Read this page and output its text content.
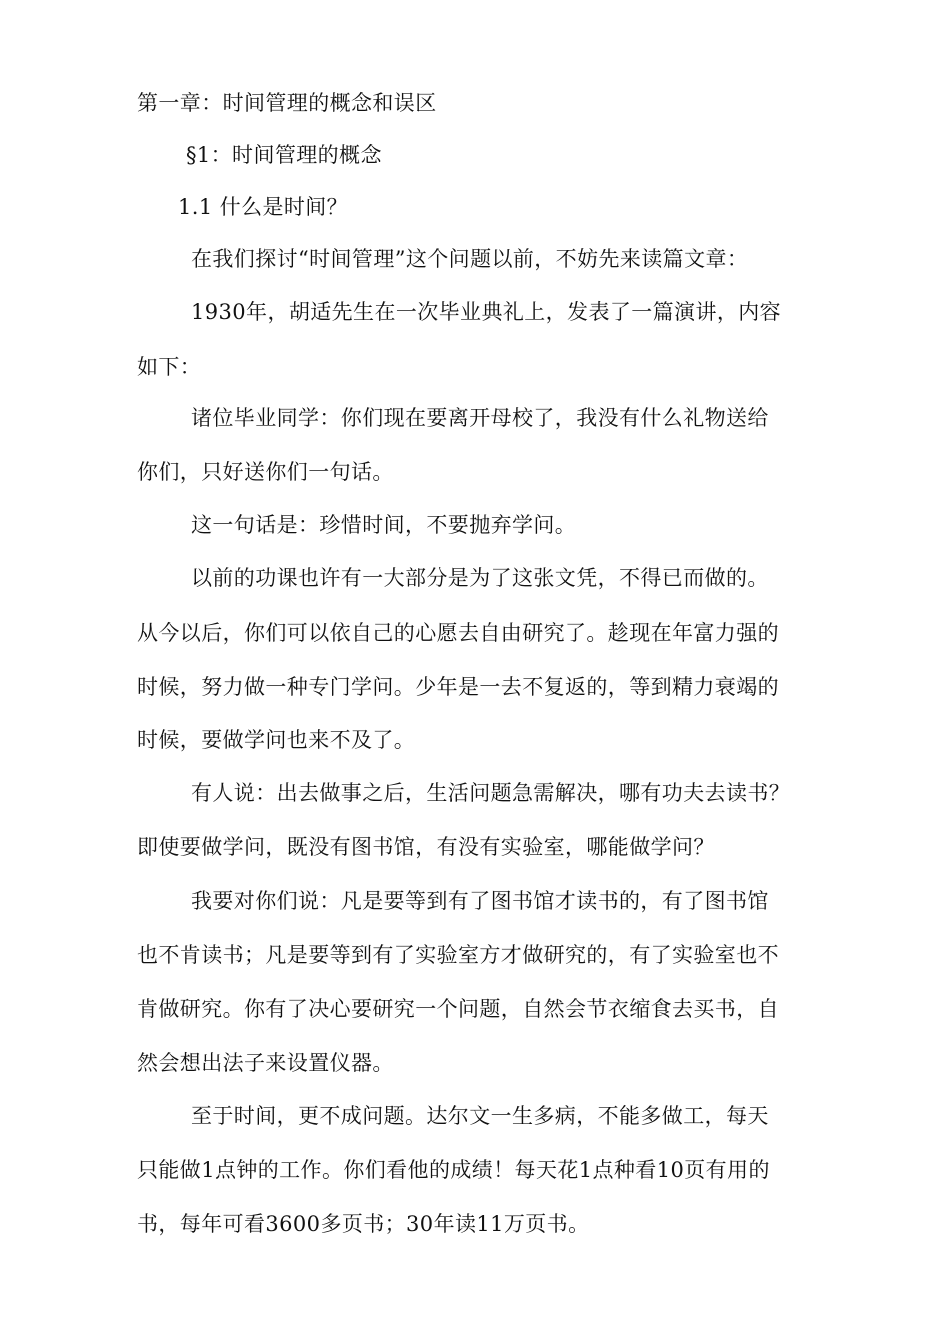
第一章：时间管理的概念和误区
§1：时间管理的概念
1.1 什么是时间？
在我们探讨“时间管理”这个问题以前，不妨先来读篇文章：
1930年，胡适先生在一次毕业典礼上，发表了一篇演讲，内容
如下：
诸位毕业同学：你们现在要离开母校了，我没有什么礼物送给
你们，只好送你们一句话。
这一句话是：珍惜时间，不要抛弃学问。
以前的功课也许有一大部分是为了这张文凭，不得已而做的。
从今以后，你们可以依自己的心愿去自由研究了。趁现在年富力强的
时候，努力做一种专门学问。少年是一去不复返的，等到精力衰竭的
时候，要做学问也来不及了。
有人说：出去做事之后，生活问题急需解决，哪有功夫去读书？
即使要做学问，既没有图书馆，有没有实验室，哪能做学问？
我要对你们说：凡是要等到有了图书馆才读书的，有了图书馆
也不肯读书；凡是要等到有了实验室方才做研究的，有了实验室也不
肯做研究。你有了决心要研究一个问题，自然会节衣缩食去买书，自
然会想出法子来设置仪器。
至于时间，更不成问题。达尔文一生多病，不能多做工，每天
只能做1点钟的工作。你们看他的成绩！每天花1点种看10页有用的
书，每年可看3600多页书；30年读11万页书。
